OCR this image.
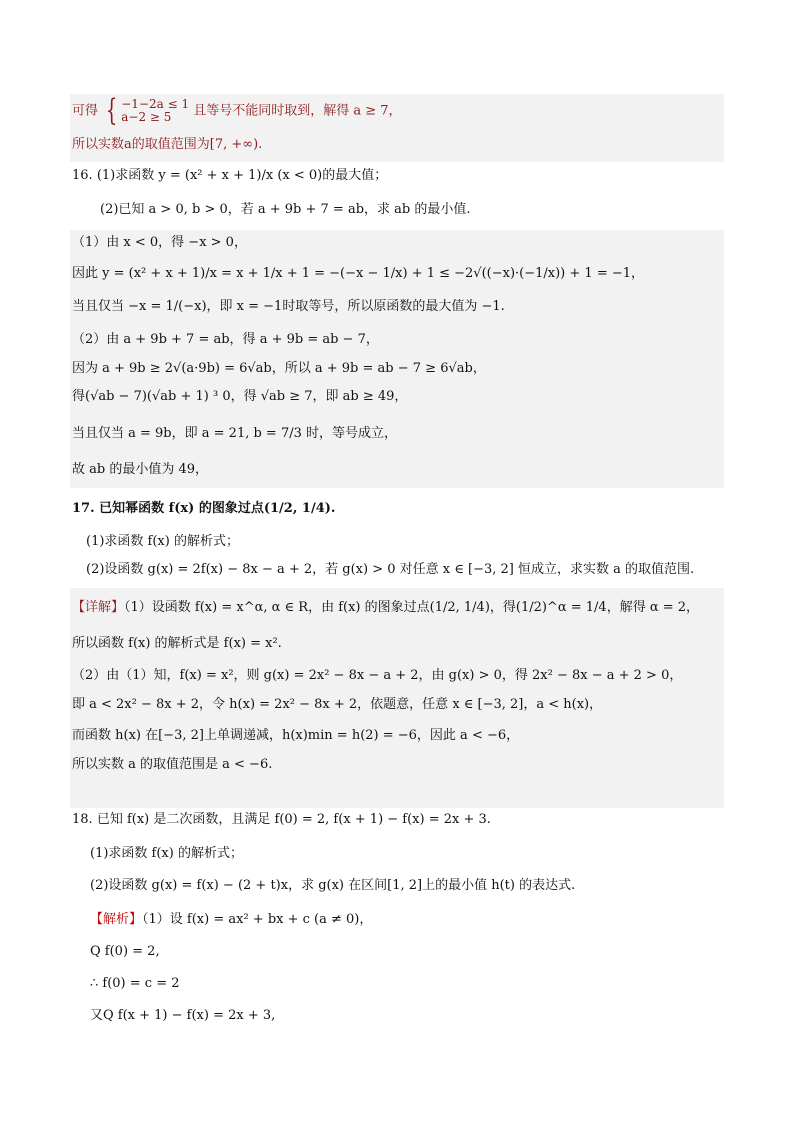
可得 { −1−2a ≤ 1
a−2 ≥ 5 且等号不能同时取到，解得 a ≥ 7，
所以实数a的取值范围为[7, +∞).
16. (1)求函数 y = (x² + x + 1)/x (x < 0)的最大值；
(2)已知 a > 0, b > 0，若 a + 9b + 7 = ab，求 ab 的最小值.
（1）由 x < 0，得 −x > 0，
因此 y = (x² + x + 1)/x = x + 1/x + 1 = −(−x − 1/x) + 1 ≤ −2√((−x)·(−1/x)) + 1 = −1，
当且仅当 −x = 1/(−x)，即 x = −1时取等号，所以原函数的最大值为 −1.
（2）由 a + 9b + 7 = ab，得 a + 9b = ab − 7，
因为 a + 9b ≥ 2√(a·9b) = 6√ab，所以 a + 9b = ab − 7 ≥ 6√ab，
得(√ab − 7)(√ab + 1) ³ 0，得 √ab ≥ 7，即 ab ≥ 49，
当且仅当 a = 9b，即 a = 21, b = 7/3 时，等号成立，
故 ab 的最小值为 49，
17. 已知幂函数 f(x) 的图象过点(1/2, 1/4).
(1)求函数 f(x) 的解析式；
(2)设函数 g(x) = 2f(x) − 8x − a + 2，若 g(x) > 0 对任意 x ∈ [−3, 2] 恒成立，求实数 a 的取值范围.
【详解】（1）设函数 f(x) = x^α, α ∈ R，由 f(x) 的图象过点(1/2, 1/4)，得(1/2)^α = 1/4，解得 α = 2，
所以函数 f(x) 的解析式是 f(x) = x².
（2）由（1）知，f(x) = x²，则 g(x) = 2x² − 8x − a + 2，由 g(x) > 0，得 2x² − 8x − a + 2 > 0，
即 a < 2x² − 8x + 2，令 h(x) = 2x² − 8x + 2，依题意，任意 x ∈ [−3, 2]，a < h(x)，
而函数 h(x) 在[−3, 2]上单调递减，h(x)min = h(2) = −6，因此 a < −6，
所以实数 a 的取值范围是 a < −6.
18. 已知 f(x) 是二次函数，且满足 f(0) = 2, f(x + 1) − f(x) = 2x + 3.
(1)求函数 f(x) 的解析式；
(2)设函数 g(x) = f(x) − (2 + t)x，求 g(x) 在区间[1, 2]上的最小值 h(t) 的表达式.
【解析】（1）设 f(x) = ax² + bx + c (a ≠ 0)，
Q f(0) = 2,
∴ f(0) = c = 2
又Q f(x + 1) − f(x) = 2x + 3,
